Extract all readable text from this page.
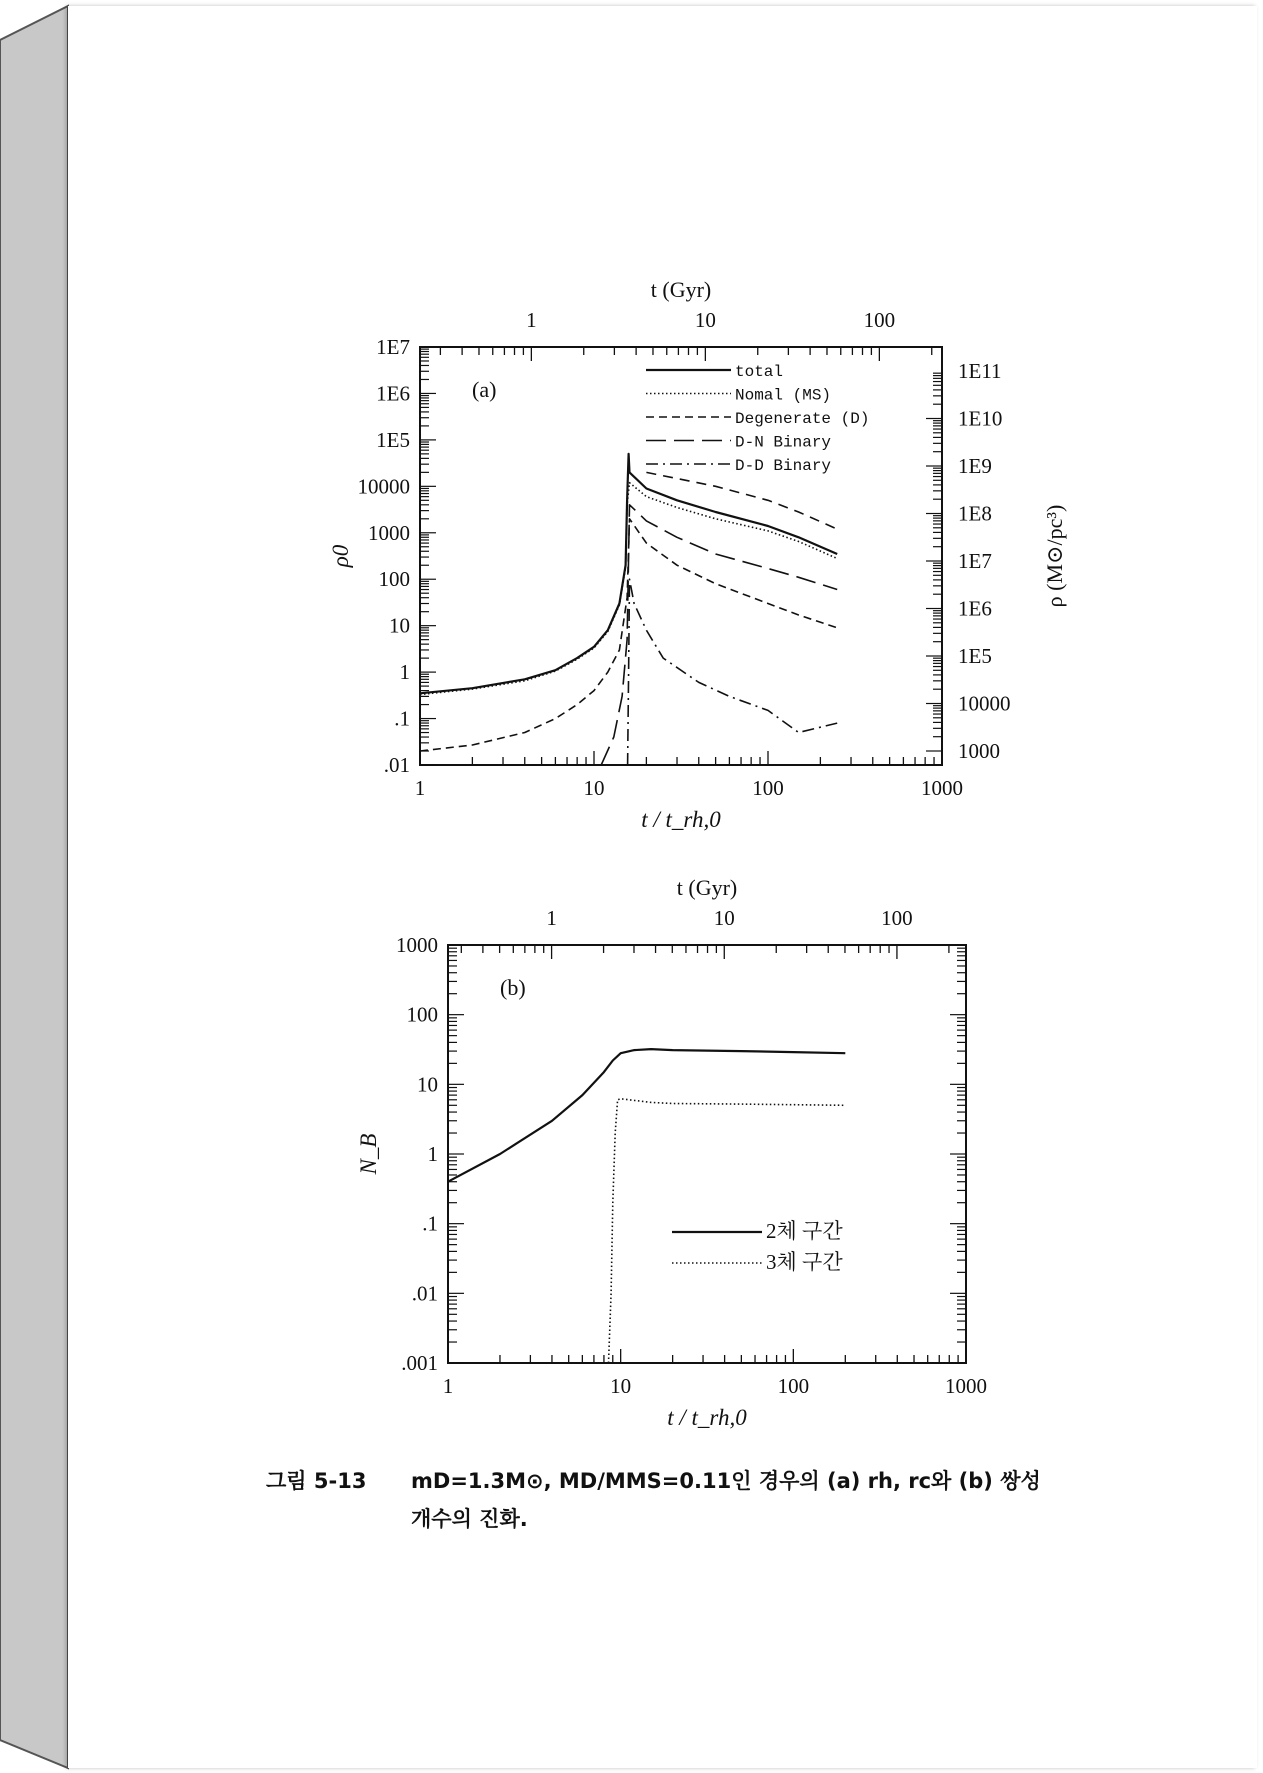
1	10	100	1000
t / t_rh,0
1	10	100
t (Gyr)
.01
.1
1
10
100
1000
10000
1E5
1E6
1E7
ρ0
1000
10000
1E5
1E6
1E7
1E8
1E9
1E10
1E11
ρ (M⊙/pc³)
(a)
total
Nomal (MS)
Degenerate (D)
D-N Binary
D-D Binary
1	10	100	1000
t / t_rh,0
1	10	100
t (Gyr)
.001
.01
.1
1
10
100
1000
N_B
(b)
2체 구간
3체 구간
그림 5-13 mD=1.3M⊙, MD/MMS=0.11인 경우의 (a) rh, rc와 (b) 쌍성
개수의 진화.
